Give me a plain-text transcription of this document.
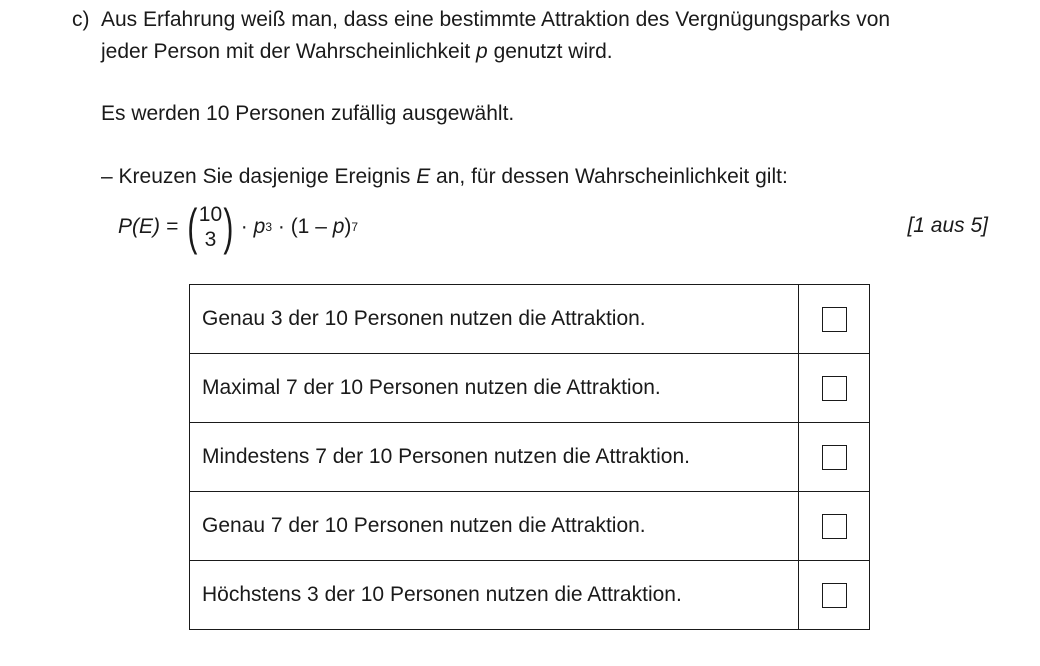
c) Aus Erfahrung weiß man, dass eine bestimmte Attraktion des Vergnügungsparks von
jeder Person mit der Wahrscheinlichkeit p genutzt wird.
Es werden 10 Personen zufällig ausgewählt.
– Kreuzen Sie dasjenige Ereignis E an, für dessen Wahrscheinlichkeit gilt:
P(E) = ( 10
3 ) ·
p 3
·
(1 –
p ) 7	[1 aus 5]
Genau 3 der 10 Personen nutzen die Attraktion.	
Maximal 7 der 10 Personen nutzen die Attraktion.	
Mindestens 7 der 10 Personen nutzen die Attraktion.	
Genau 7 der 10 Personen nutzen die Attraktion.	
Höchstens 3 der 10 Personen nutzen die Attraktion.	
